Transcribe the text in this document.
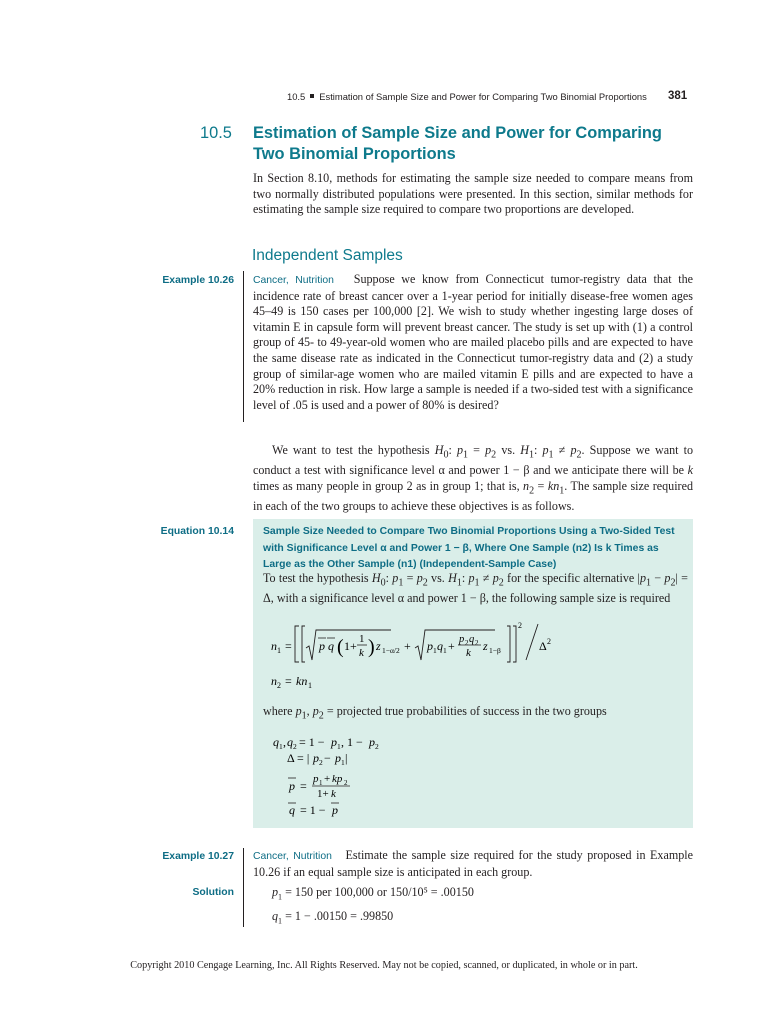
10.5 Estimation of Sample Size and Power for Comparing Two Binomial Proportions 381
10.5 Estimation of Sample Size and Power for Comparing Two Binomial Proportions
In Section 8.10, methods for estimating the sample size needed to compare means from two normally distributed populations were presented. In this section, similar methods for estimating the sample size required to compare two proportions are developed.
Independent Samples
Example 10.26 Cancer, Nutrition Suppose we know from Connecticut tumor-registry data that the incidence rate of breast cancer over a 1-year period for initially disease-free women ages 45–49 is 150 cases per 100,000 [2]. We wish to study whether ingesting large doses of vitamin E in capsule form will prevent breast cancer. The study is set up with (1) a control group of 45- to 49-year-old women who are mailed placebo pills and are expected to have the same disease rate as indicated in the Connecticut tumor-registry data and (2) a study group of similar-age women who are mailed vitamin E pills and are expected to have a 20% reduction in risk. How large a sample is needed if a two-sided test with a significance level of .05 is used and a power of 80% is desired?
We want to test the hypothesis $H_0$: $p_1 = p_2$ vs. $H_1$: $p_1 \ne p_2$. Suppose we want to conduct a test with significance level α and power 1 − β and we anticipate there will be k times as many people in group 2 as in group 1; that is, $n_2 = kn_1$. The sample size required in each of the two groups to achieve these objectives is as follows.
Equation 10.14	Sample Size Needed to Compare Two Binomial Proportions Using a Two-Sided Test with Significance Level α and Power 1 − β, Where One Sample (n2) Is k Times as Large as the Other Sample (n1) (Independent-Sample Case)
To test the hypothesis $H_0$: $p_1 = p_2$ vs. $H_1$: $p_1 \ne p_2$ for the specific alternative $|p_1 - p_2| = \Delta$, with a significance level α and power 1 − β, the following sample size is required
n 1 = p q ( 1+ 1
k ) z 1−α/2 + p 1 q 1 + p 2 q 2
k z 1−β
2
Δ 2
n 2 = kn 1
where $p_1$, $p_2$ = projected true probabilities of success in the two groups
q 1 , q 2 = 1 − p 1 , 1 − p 2
Δ = | p 2 − p 1 |
p = p 1 + kp 2
1+ k
q = 1 − p
Example 10.27 Cancer, Nutrition Estimate the sample size required for the study proposed in Example 10.26 if an equal sample size is anticipated in each group.
Solution	$p_1 = 150$ per 100,000 or 150/10⁵ = .00150
$q_1 = 1 - .00150 = .99850$
Copyright 2010 Cengage Learning, Inc. All Rights Reserved. May not be copied, scanned, or duplicated, in whole or in part.
